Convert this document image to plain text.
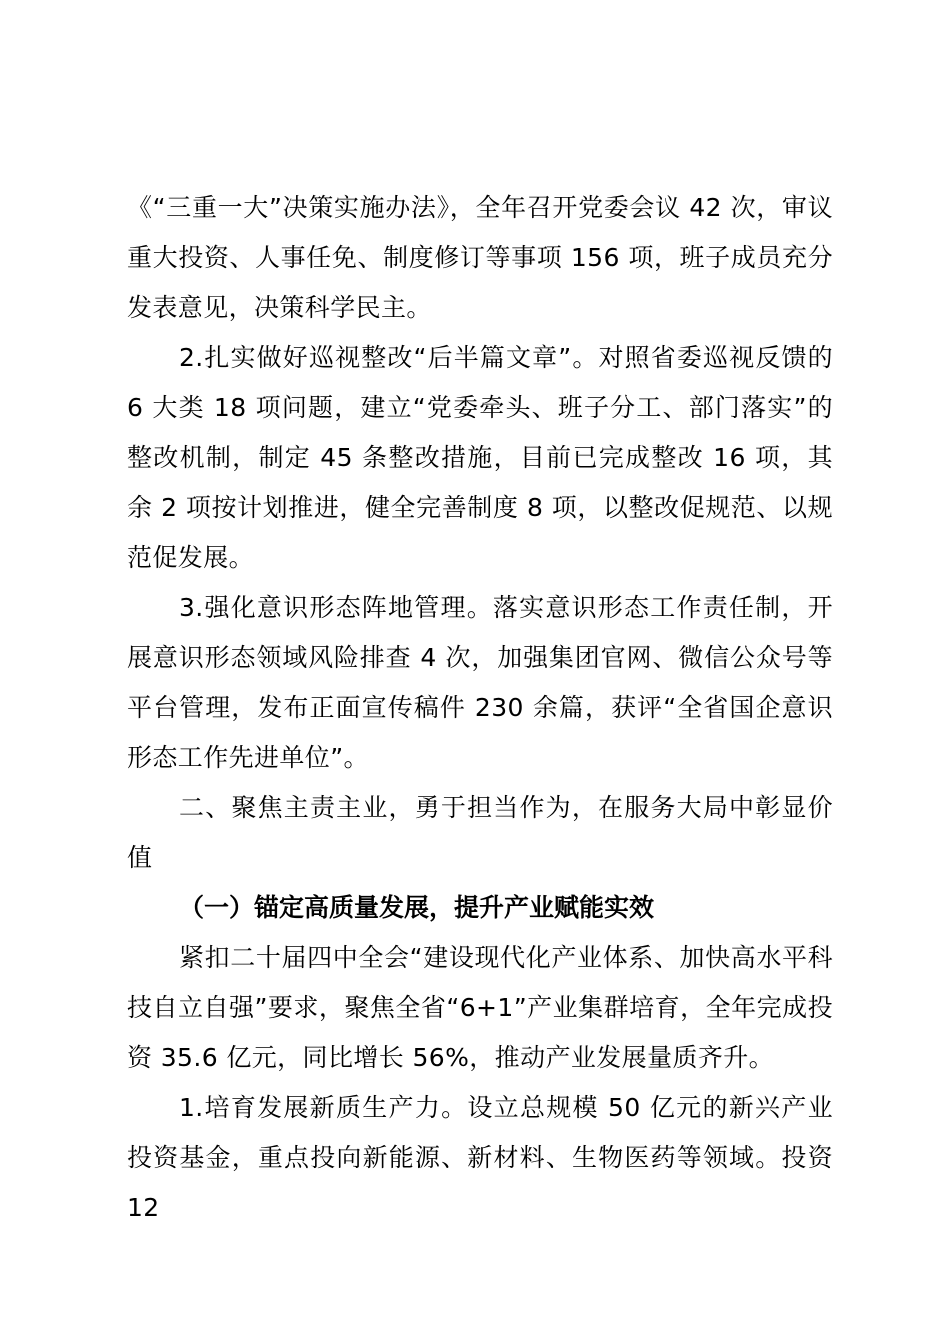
《“三重一大”决策实施办法》，全年召开党委会议 42 次，审议重大投资、人事任免、制度修订等事项 156 项，班子成员充分发表意见，决策科学民主。

2.扎实做好巡视整改“后半篇文章”。对照省委巡视反馈的 6 大类 18 项问题，建立“党委牵头、班子分工、部门落实”的整改机制，制定 45 条整改措施，目前已完成整改 16 项，其余 2 项按计划推进，健全完善制度 8 项，以整改促规范、以规范促发展。

3.强化意识形态阵地管理。落实意识形态工作责任制，开展意识形态领域风险排查 4 次，加强集团官网、微信公众号等平台管理，发布正面宣传稿件 230 余篇，获评“全省国企意识形态工作先进单位”。

二、聚焦主责主业，勇于担当作为，在服务大局中彰显价值

（一）锚定高质量发展，提升产业赋能实效

紧扣二十届四中全会“建设现代化产业体系、加快高水平科技自立自强”要求，聚焦全省“6+1”产业集群培育，全年完成投资 35.6 亿元，同比增长 56%，推动产业发展量质齐升。

1.培育发展新质生产力。设立总规模 50 亿元的新兴产业投资基金，重点投向新能源、新材料、生物医药等领域。投资 12
